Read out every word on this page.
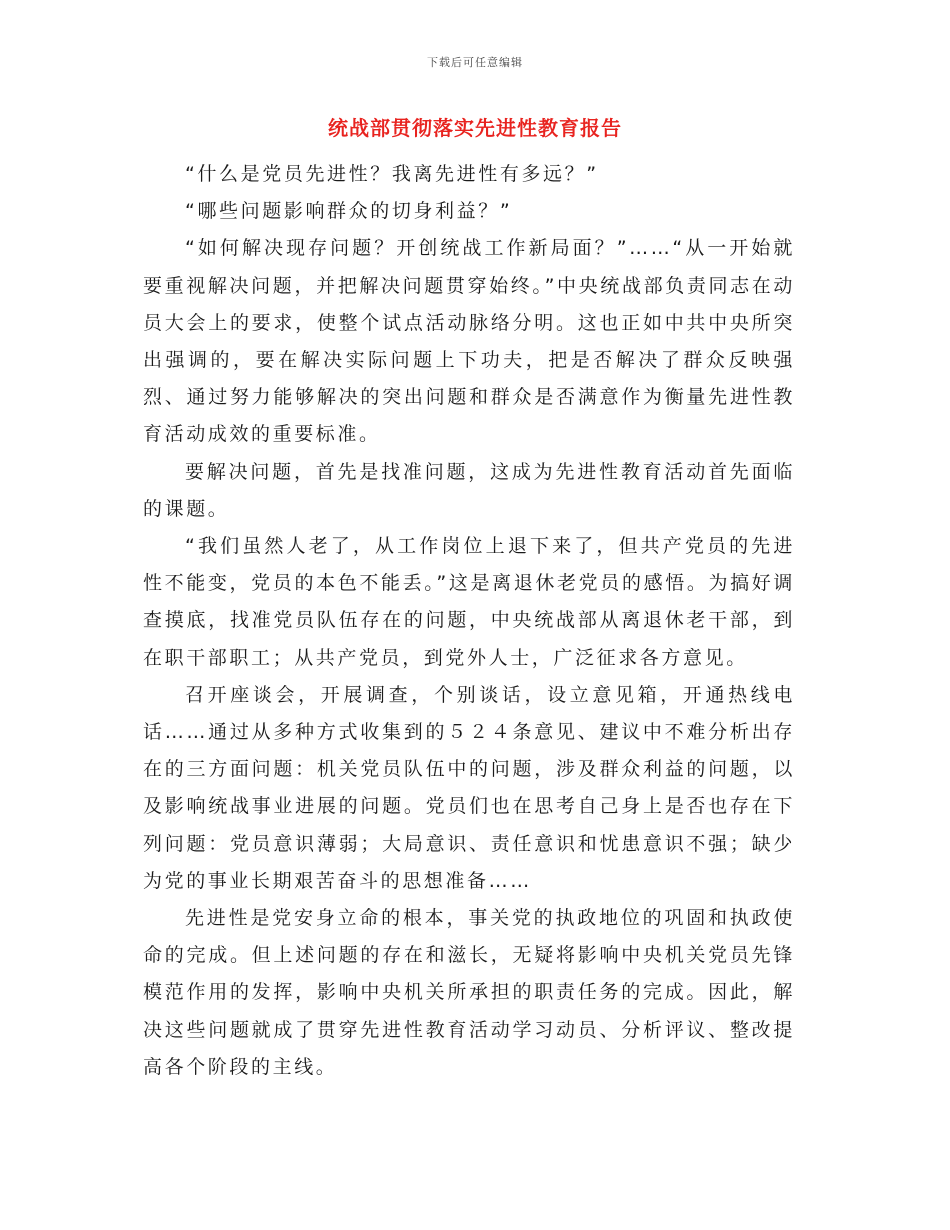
下载后可任意编辑
统战部贯彻落实先进性教育报告

“什么是党员先进性？我离先进性有多远？”

“哪些问题影响群众的切身利益？”

“如何解决现存问题？开创统战工作新局面？”……“从一开始就要重视解决问题，并把解决问题贯穿始终。”中央统战部负责同志在动员大会上的要求，使整个试点活动脉络分明。这也正如中共中央所突出强调的，要在解决实际问题上下功夫，把是否解决了群众反映强烈、通过努力能够解决的突出问题和群众是否满意作为衡量先进性教育活动成效的重要标准。

要解决问题，首先是找准问题，这成为先进性教育活动首先面临的课题。

“我们虽然人老了，从工作岗位上退下来了，但共产党员的先进性不能变，党员的本色不能丢。”这是离退休老党员的感悟。为搞好调查摸底，找准党员队伍存在的问题，中央统战部从离退休老干部，到在职干部职工；从共产党员，到党外人士，广泛征求各方意见。

召开座谈会，开展调查，个别谈话，设立意见箱，开通热线电话……通过从多种方式收集到的５２４条意见、建议中不难分析出存在的三方面问题：机关党员队伍中的问题，涉及群众利益的问题，以及影响统战事业进展的问题。党员们也在思考自己身上是否也存在下列问题：党员意识薄弱；大局意识、责任意识和忧患意识不强；缺少为党的事业长期艰苦奋斗的思想准备……

先进性是党安身立命的根本，事关党的执政地位的巩固和执政使命的完成。但上述问题的存在和滋长，无疑将影响中央机关党员先锋模范作用的发挥，影响中央机关所承担的职责任务的完成。因此，解决这些问题就成了贯穿先进性教育活动学习动员、分析评议、整改提高各个阶段的主线。
